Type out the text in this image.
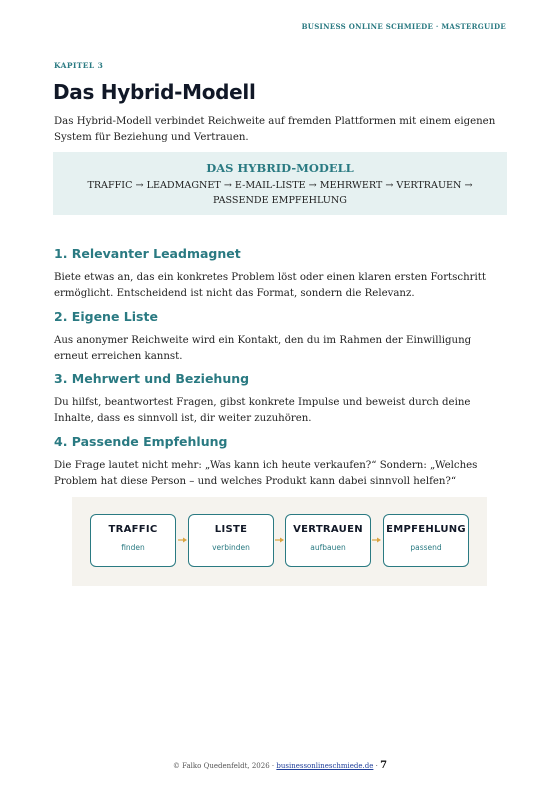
BUSINESS ONLINE SCHMIEDE · MASTERGUIDE
KAPITEL 3
Das Hybrid-Modell

Das Hybrid-Modell verbindet Reichweite auf fremden Plattformen mit einem eigenen System für Beziehung und Vertrauen.

DAS HYBRID-MODELL
TRAFFIC → LEADMAGNET → E-MAIL-LISTE → MEHRWERT → VERTRAUEN → PASSENDE EMPFEHLUNG
1. Relevanter Leadmagnet

Biete etwas an, das ein konkretes Problem löst oder einen klaren ersten Fortschritt ermöglicht. Entscheidend ist nicht das Format, sondern die Relevanz.

2. Eigene Liste

Aus anonymer Reichweite wird ein Kontakt, den du im Rahmen der Einwilligung erneut erreichen kannst.

3. Mehrwert und Beziehung

Du hilfst, beantwortest Fragen, gibst konkrete Impulse und beweist durch deine Inhalte, dass es sinnvoll ist, dir weiter zuzuhören.

4. Passende Empfehlung

Die Frage lautet nicht mehr: „Was kann ich heute verkaufen?“ Sondern: „Welches Problem hat diese Person – und welches Produkt kann dabei sinnvoll helfen?“

TRAFFIC
finden
LISTE
verbinden
VERTRAUEN
aufbauen
EMPFEHLUNG
passend
© Falko Quedenfeldt, 2026 · businessonlineschmiede.de · 7
